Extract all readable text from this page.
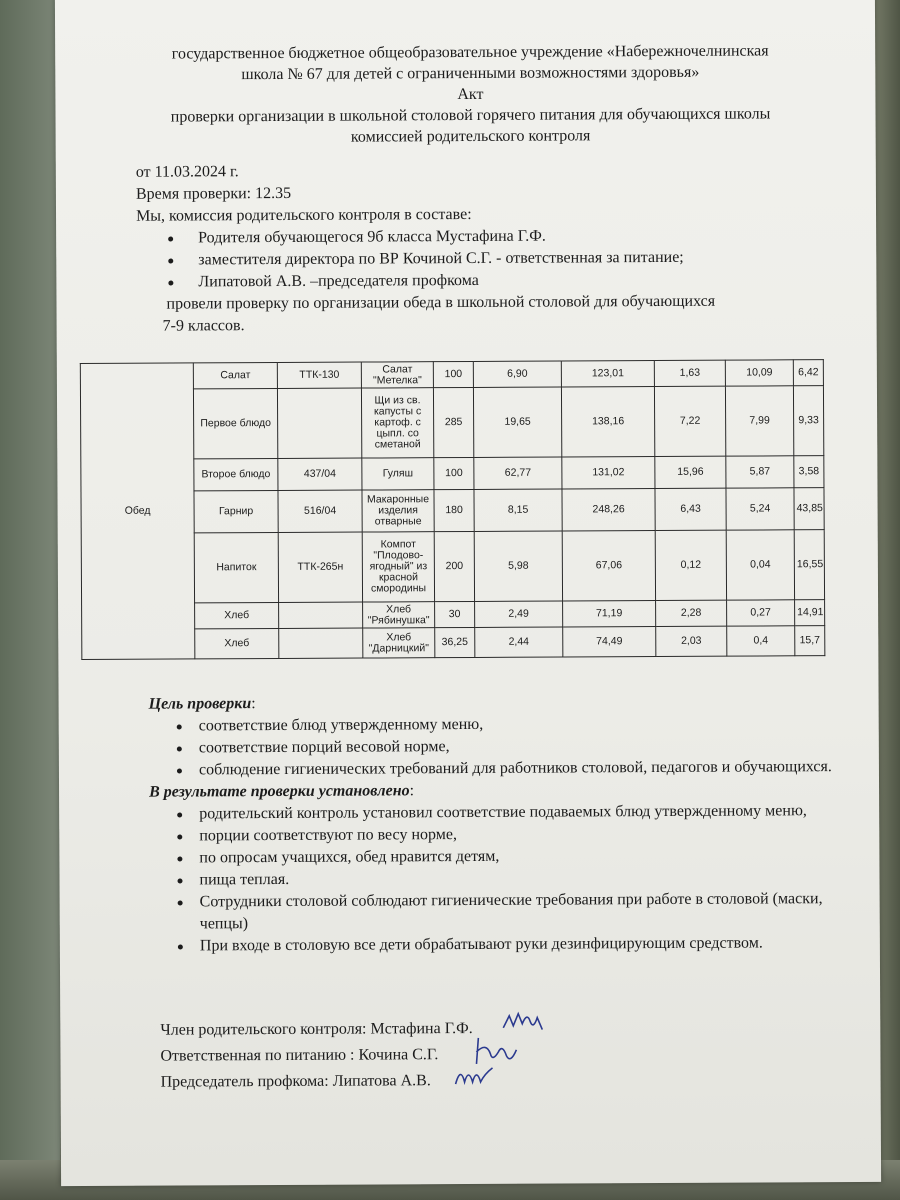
государственное бюджетное общеобразовательное учреждение «Набережночелнинская
школа № 67 для детей с ограниченными возможностями здоровья»
Акт
проверки организации в школьной столовой горячего питания для обучающихся школы
комиссией родительского контроля
от 11.03.2024 г.
Время проверки: 12.35
Мы, комиссия родительского контроля в составе:
Родителя обучающегося 9б класса Мустафина Г.Ф.
заместителя директора по ВР Кочиной С.Г. - ответственная за питание;
Липатовой А.В. –председателя профкома
провели проверку по организации обеда в школьной столовой для обучающихся
7-9 классов.
Обед	Салат	ТТК-130	Салат "Метелка"	100	6,90	123,01	1,63	10,09	6,42
	Первое блюдо		Щи из св. капусты с картоф. с цыпл. со сметаной	285	19,65	138,16	7,22	7,99	9,33
	Второе блюдо	437/04	Гуляш	100	62,77	131,02	15,96	5,87	3,58
	Гарнир	516/04	Макаронные изделия отварные	180	8,15	248,26	6,43	5,24	43,85
	Напиток	ТТК-265н	Компот "Плодово-ягодный" из красной смородины	200	5,98	67,06	0,12	0,04	16,55
	Хлеб		Хлеб "Рябинушка"	30	2,49	71,19	2,28	0,27	14,91
	Хлеб		Хлеб "Дарницкий"	36,25	2,44	74,49	2,03	0,4	15,7
Цель проверки:
соответствие блюд утвержденному меню,
соответствие порций весовой норме,
соблюдение гигиенических требований для работников столовой, педагогов и обучающихся.
В результате проверки установлено:
родительский контроль установил соответствие подаваемых блюд утвержденному меню,
порции соответствуют по весу норме,
по опросам учащихся, обед нравится детям,
пища теплая.
Сотрудники столовой соблюдают гигиенические требования при работе в столовой (маски, чепцы)
При входе в столовую все дети обрабатывают руки дезинфицирующим средством.
Член родительского контроля: Мстафина Г.Ф.
Ответственная по питанию : Кочина С.Г.
Председатель профкома: Липатова А.В.
